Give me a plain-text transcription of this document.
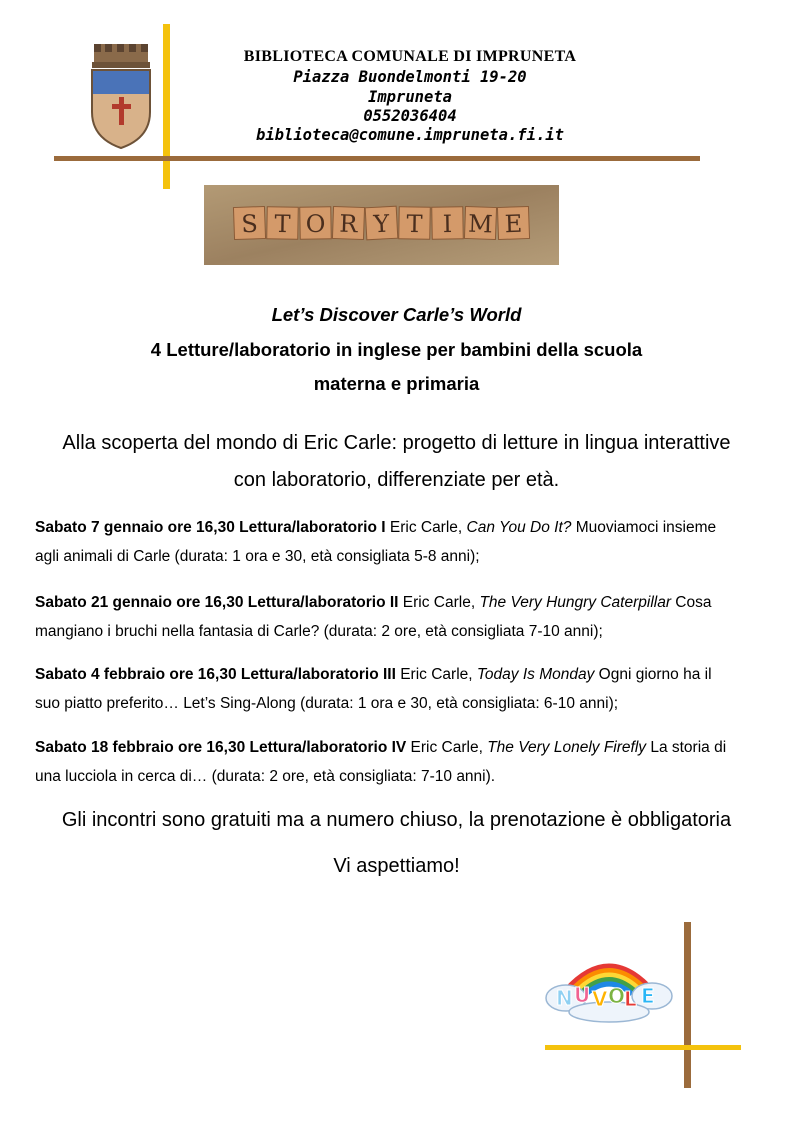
BIBLIOTECA COMUNALE DI IMPRUNETA
Piazza Buondelmonti 19-20
Impruneta
0552036404
biblioteca@comune.impruneta.fi.it
S T O R Y T I M E
Let’s Discover Carle’s World
4 Letture/laboratorio in inglese per bambini della scuola
materna e primaria
Alla scoperta del mondo di Eric Carle: progetto di letture in lingua interattive
con laboratorio, differenziate per età.
Sabato 7 gennaio ore 16,30 Lettura/laboratorio I Eric Carle, Can You Do It? Muoviamoci insieme
agli animali di Carle (durata: 1 ora e 30, età consigliata 5-8 anni);
Sabato 21 gennaio ore 16,30 Lettura/laboratorio II Eric Carle, The Very Hungry Caterpillar Cosa
mangiano i bruchi nella fantasia di Carle? (durata: 2 ore, età consigliata 7-10 anni);
Sabato 4 febbraio ore 16,30 Lettura/laboratorio III Eric Carle, Today Is Monday Ogni giorno ha il
suo piatto preferito… Let’s Sing-Along (durata: 1 ora e 30, età consigliata: 6-10 anni);
Sabato 18 febbraio ore 16,30 Lettura/laboratorio IV Eric Carle, The Very Lonely Firefly La storia di
una lucciola in cerca di… (durata: 2 ore, età consigliata: 7-10 anni).
Gli incontri sono gratuiti ma a numero chiuso, la prenotazione è obbligatoria
Vi aspettiamo!
N U V O
L E
